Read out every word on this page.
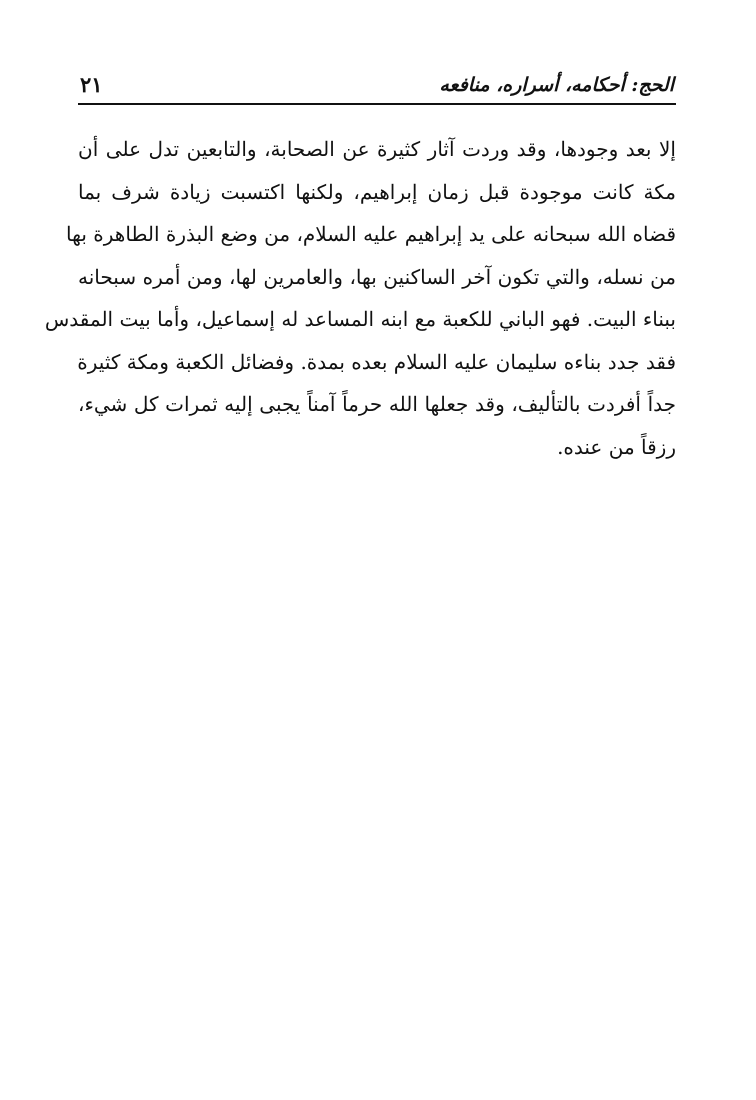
الحج: أحكامه، أسراره، منافعه
٢١
إلا بعد وجودها، وقد وردت آثار كثيرة عن الصحابة، والتابعين تدل على أن
مكة كانت موجودة قبل زمان إبراهيم، ولكنها اكتسبت زيادة شرف بما
قضاه الله سبحانه على يد إبراهيم عليه السلام، من وضع البذرة الطاهرة بها
من نسله، والتي تكون آخر الساكنين بها، والعامرين لها، ومن أمره سبحانه
ببناء البيت. فهو الباني للكعبة مع ابنه المساعد له إسماعيل، وأما بيت المقدس
فقد جدد بناءه سليمان عليه السلام بعده بمدة. وفضائل الكعبة ومكة كثيرة
جداً أفردت بالتأليف، وقد جعلها الله حرماً آمناً يجبى إليه ثمرات كل شيء،
رزقاً من عنده.
